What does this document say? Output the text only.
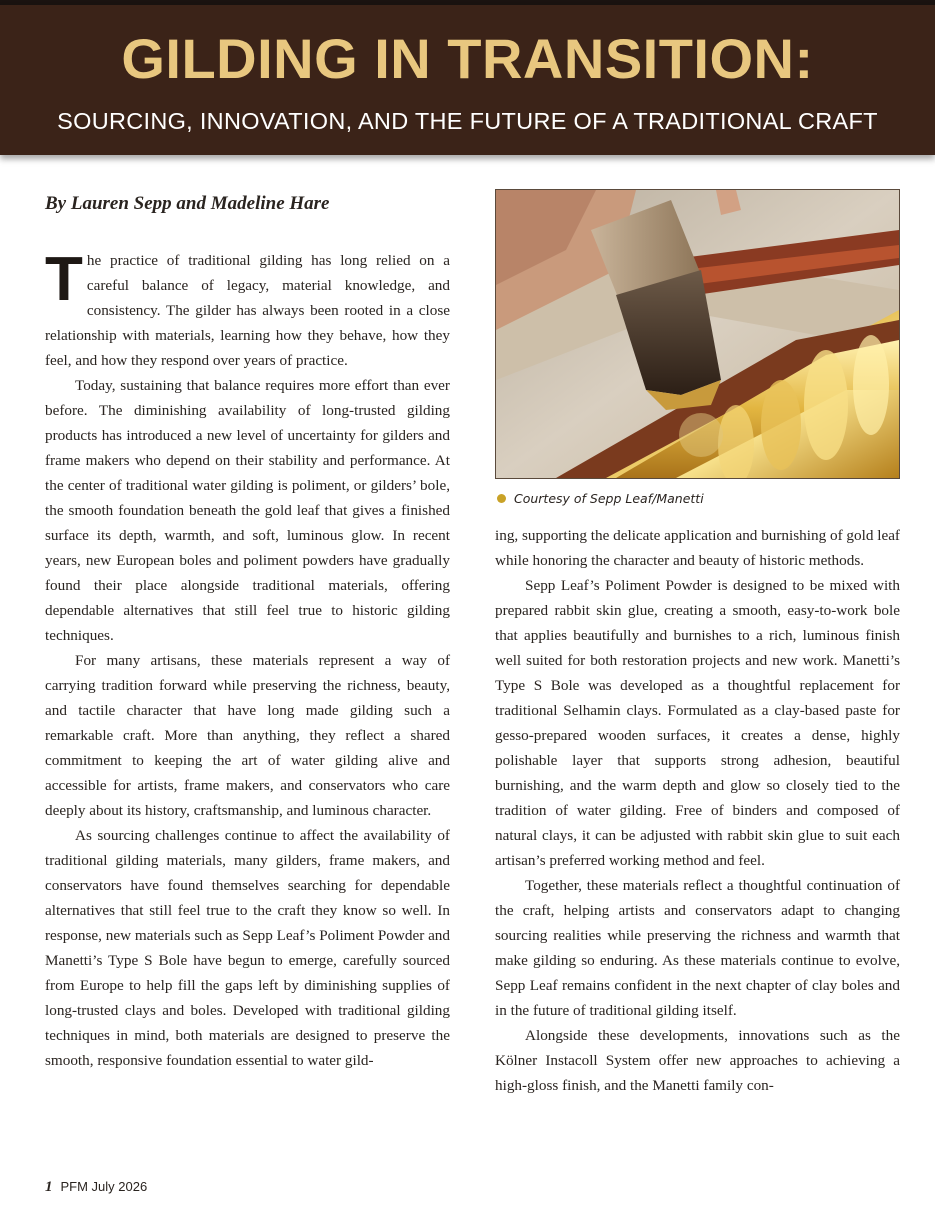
GILDING IN TRANSITION:
SOURCING, INNOVATION, AND THE FUTURE OF A TRADITIONAL CRAFT
By Lauren Sepp and Madeline Hare

The practice of traditional gilding has long relied on a careful balance of legacy, material knowledge, and consistency. The gilder has always been rooted in a close relationship with materials, learning how they behave, how they feel, and how they respond over years of practice.

Today, sustaining that balance requires more effort than ever before. The diminishing availability of long-trusted gilding products has introduced a new level of uncertainty for gilders and frame makers who depend on their stability and performance. At the center of traditional water gilding is poliment, or gilders’ bole, the smooth foundation beneath the gold leaf that gives a finished surface its depth, warmth, and soft, luminous glow. In recent years, new European boles and poliment powders have gradually found their place alongside traditional materials, offering dependable alternatives that still feel true to historic gilding techniques.

For many artisans, these materials represent a way of carrying tradition forward while preserving the richness, beauty, and tactile character that have long made gilding such a remarkable craft. More than anything, they reflect a shared commitment to keeping the art of water gilding alive and accessible for artists, frame makers, and conservators who care deeply about its history, craftsmanship, and luminous character.

As sourcing challenges continue to affect the availability of traditional gilding materials, many gilders, frame makers, and conservators have found themselves searching for dependable alternatives that still feel true to the craft they know so well. In response, new materials such as Sepp Leaf’s Poliment Powder and Manetti’s Type S Bole have begun to emerge, carefully sourced from Europe to help fill the gaps left by diminishing supplies of long-trusted clays and boles. Developed with traditional gilding techniques in mind, both materials are designed to preserve the smooth, responsive foundation essential to water gild-

Courtesy of Sepp Leaf/Manetti

ing, supporting the delicate application and burnishing of gold leaf while honoring the character and beauty of historic methods.

Sepp Leaf’s Poliment Powder is designed to be mixed with prepared rabbit skin glue, creating a smooth, easy-to-work bole that applies beautifully and burnishes to a rich, luminous finish well suited for both restoration projects and new work. Manetti’s Type S Bole was developed as a thoughtful replacement for traditional Selhamin clays. Formulated as a clay-based paste for gesso-prepared wooden surfaces, it creates a dense, highly polishable layer that supports strong adhesion, beautiful burnishing, and the warm depth and glow so closely tied to the tradition of water gilding. Free of binders and composed of natural clays, it can be adjusted with rabbit skin glue to suit each artisan’s preferred working method and feel.

Together, these materials reflect a thoughtful continuation of the craft, helping artists and conservators adapt to changing sourcing realities while preserving the richness and warmth that make gilding so enduring. As these materials continue to evolve, Sepp Leaf remains confident in the next chapter of clay boles and in the future of traditional gilding itself.

Alongside these developments, innovations such as the Kölner Instacoll System offer new approaches to achieving a high-gloss finish, and the Manetti family con-

1 PFM July 2026
